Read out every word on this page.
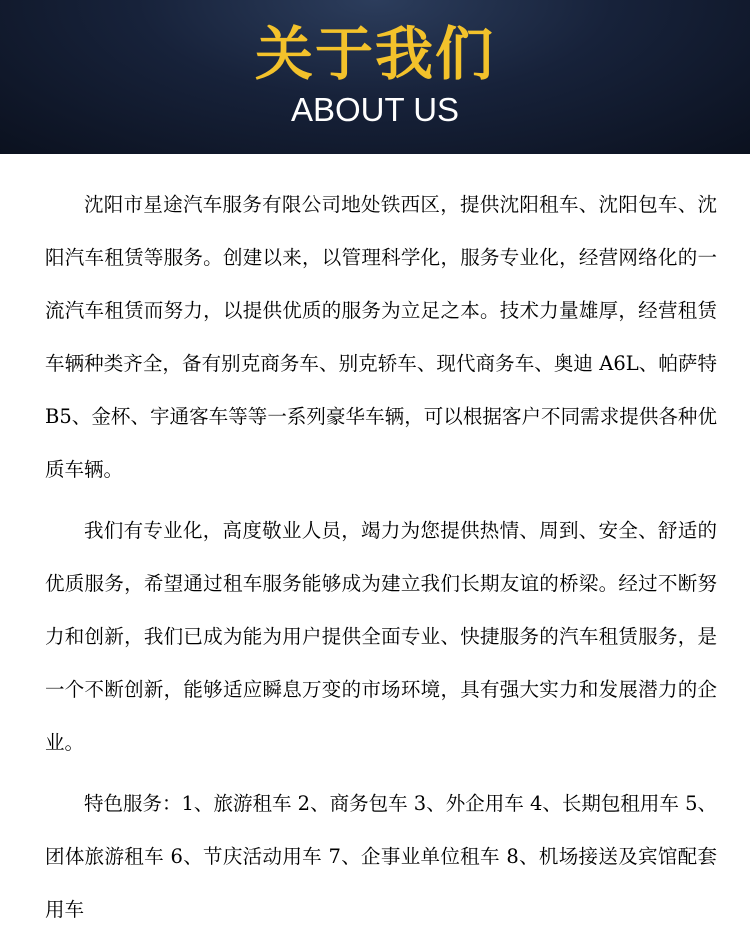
关于我们
ABOUT US

沈阳市星途汽车服务有限公司地处铁西区，提供沈阳租车、沈阳包车、沈阳汽车租赁等服务。创建以来，以管理科学化，服务专业化，经营网络化的一流汽车租赁而努力，以提供优质的服务为立足之本。技术力量雄厚，经营租赁车辆种类齐全，备有别克商务车、别克轿车、现代商务车、奥迪 A6L、帕萨特 B5、金杯、宇通客车等等一系列豪华车辆，可以根据客户不同需求提供各种优质车辆。

我们有专业化，高度敬业人员，竭力为您提供热情、周到、安全、舒适的优质服务，希望通过租车服务能够成为建立我们长期友谊的桥梁。经过不断努力和创新，我们已成为能为用户提供全面专业、快捷服务的汽车租赁服务，是一个不断创新，能够适应瞬息万变的市场环境，具有强大实力和发展潜力的企业。

特色服务：1、旅游租车 2、商务包车 3、外企用车 4、长期包租用车 5、团体旅游租车 6、节庆活动用车 7、企事业单位租车 8、机场接送及宾馆配套用车
